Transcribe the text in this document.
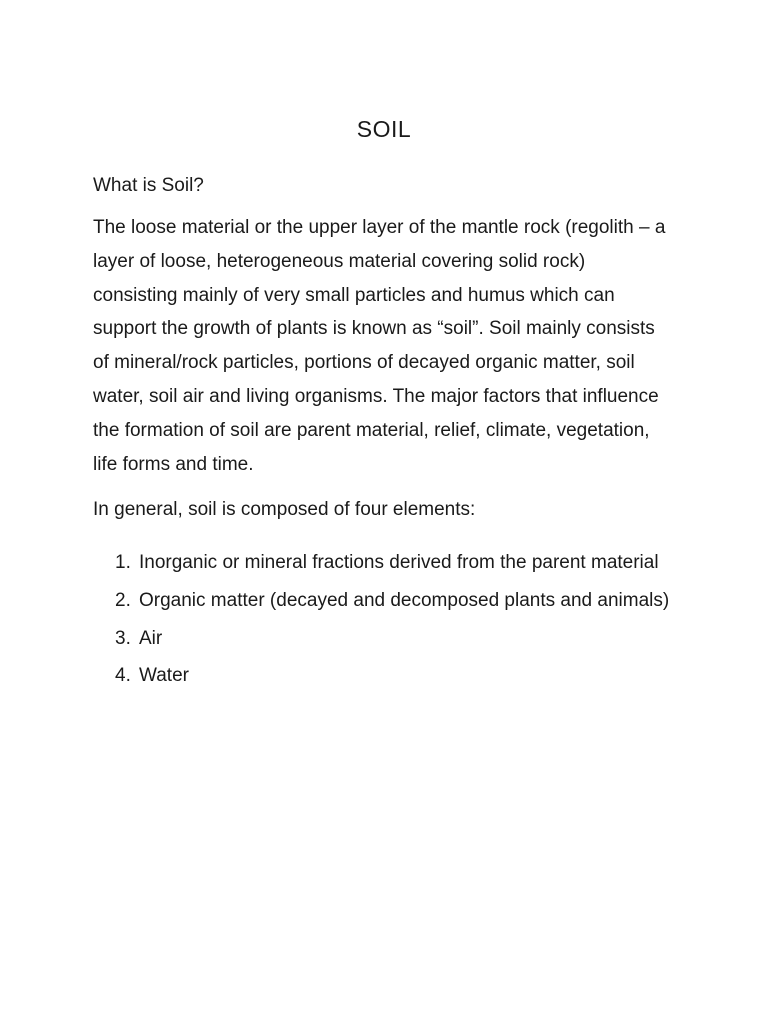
SOIL

What is Soil?

The loose material or the upper layer of the mantle rock (regolith – a layer of loose, heterogeneous material covering solid rock) consisting mainly of very small particles and humus which can support the growth of plants is known as “soil”. Soil mainly consists of mineral/rock particles, portions of decayed organic matter, soil water, soil air and living organisms. The major factors that influence the formation of soil are parent material, relief, climate, vegetation, life forms and time.

In general, soil is composed of four elements:

1. Inorganic or mineral fractions derived from the parent material
2. Organic matter (decayed and decomposed plants and animals)
3. Air
4. Water
